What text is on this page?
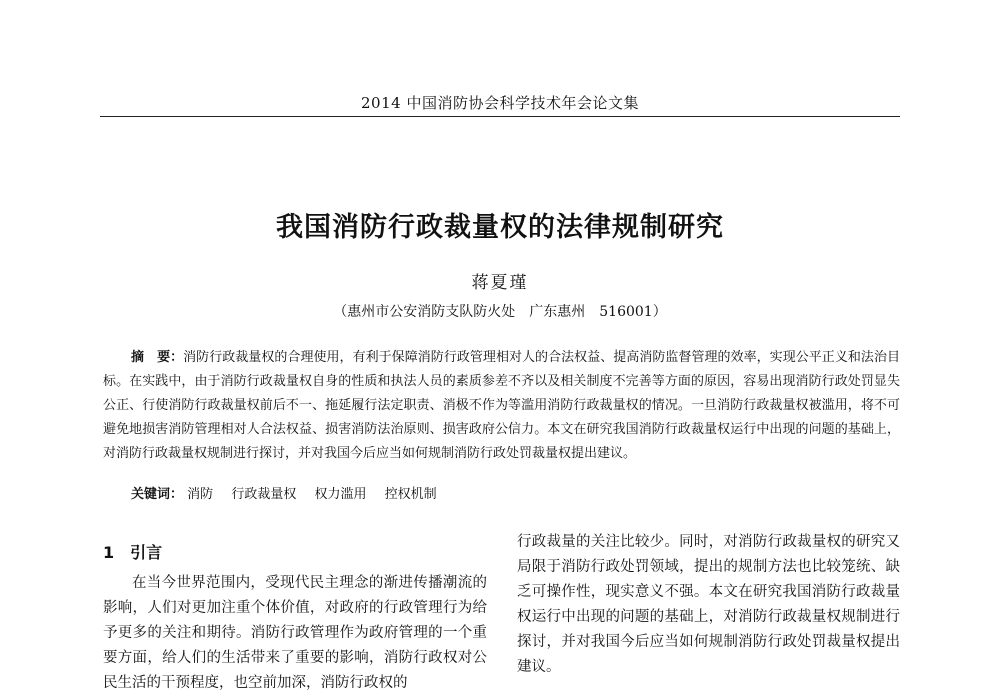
2014 中国消防协会科学技术年会论文集
我国消防行政裁量权的法律规制研究
蒋夏瑾
（惠州市公安消防支队防火处　广东惠州　516001）
摘　要：消防行政裁量权的合理使用，有利于保障消防行政管理相对人的合法权益、提高消防监督管理的效率，实现公平正义和法治目标。在实践中，由于消防行政裁量权自身的性质和执法人员的素质参差不齐以及相关制度不完善等方面的原因，容易出现消防行政处罚显失公正、行使消防行政裁量权前后不一、拖延履行法定职责、消极不作为等滥用消防行政裁量权的情况。一旦消防行政裁量权被滥用，将不可避免地损害消防管理相对人合法权益、损害消防法治原则、损害政府公信力。本文在研究我国消防行政裁量权运行中出现的问题的基础上，对消防行政裁量权规制进行探讨，并对我国今后应当如何规制消防行政处罚裁量权提出建议。
关键词： 消防 行政裁量权 权力滥用 控权机制
1 引言
在当今世界范围内，受现代民主理念的渐进传播潮流的影响，人们对更加注重个体价值，对政府的行政管理行为给予更多的关注和期待。消防行政管理作为政府管理的一个重要方面，给人们的生活带来了重要的影响，消防行政权对公民生活的干预程度，也空前加深，消防行政权的
行政裁量的关注比较少。同时，对消防行政裁量权的研究又局限于消防行政处罚领域，提出的规制方法也比较笼统、缺乏可操作性，现实意义不强。本文在研究我国消防行政裁量权运行中出现的问题的基础上，对消防行政裁量权规制进行探讨，并对我国今后应当如何规制消防行政处罚裁量权提出建议。
